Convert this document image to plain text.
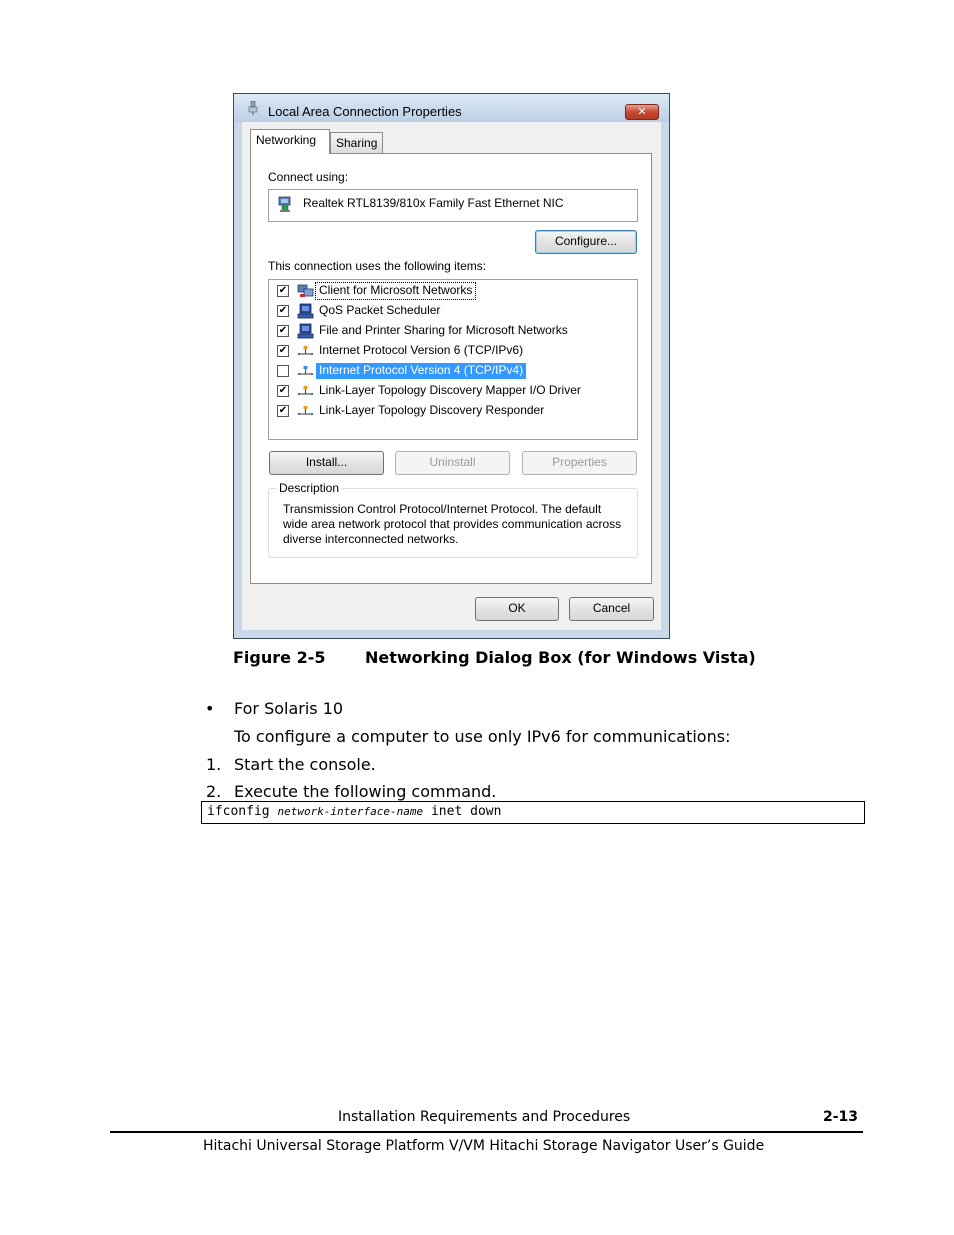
Local Area Connection Properties	✕
Networking	Sharing
Connect using:
Realtek RTL8139/810x Family Fast Ethernet NIC
Configure...
This connection uses the following items:
✔	Client for Microsoft Networks
✔	QoS Packet Scheduler
✔	File and Printer Sharing for Microsoft Networks
✔	Internet Protocol Version 6 (TCP/IPv6)
Internet Protocol Version 4 (TCP/IPv4)
✔	Link-Layer Topology Discovery Mapper I/O Driver
✔	Link-Layer Topology Discovery Responder
Install...	Uninstall	Properties
Description
Transmission Control Protocol/Internet Protocol. The default wide area network protocol that provides communication across diverse interconnected networks.
OK	Cancel
Figure 2-5 Networking Dialog Box (for Windows Vista)
• For Solaris 10
To configure a computer to use only IPv6 for communications:
1. Start the console.
2. Execute the following command.
ifconfig network-interface-name inet down
Installation Requirements and Procedures	2-13
Hitachi Universal Storage Platform V/VM Hitachi Storage Navigator User’s Guide
